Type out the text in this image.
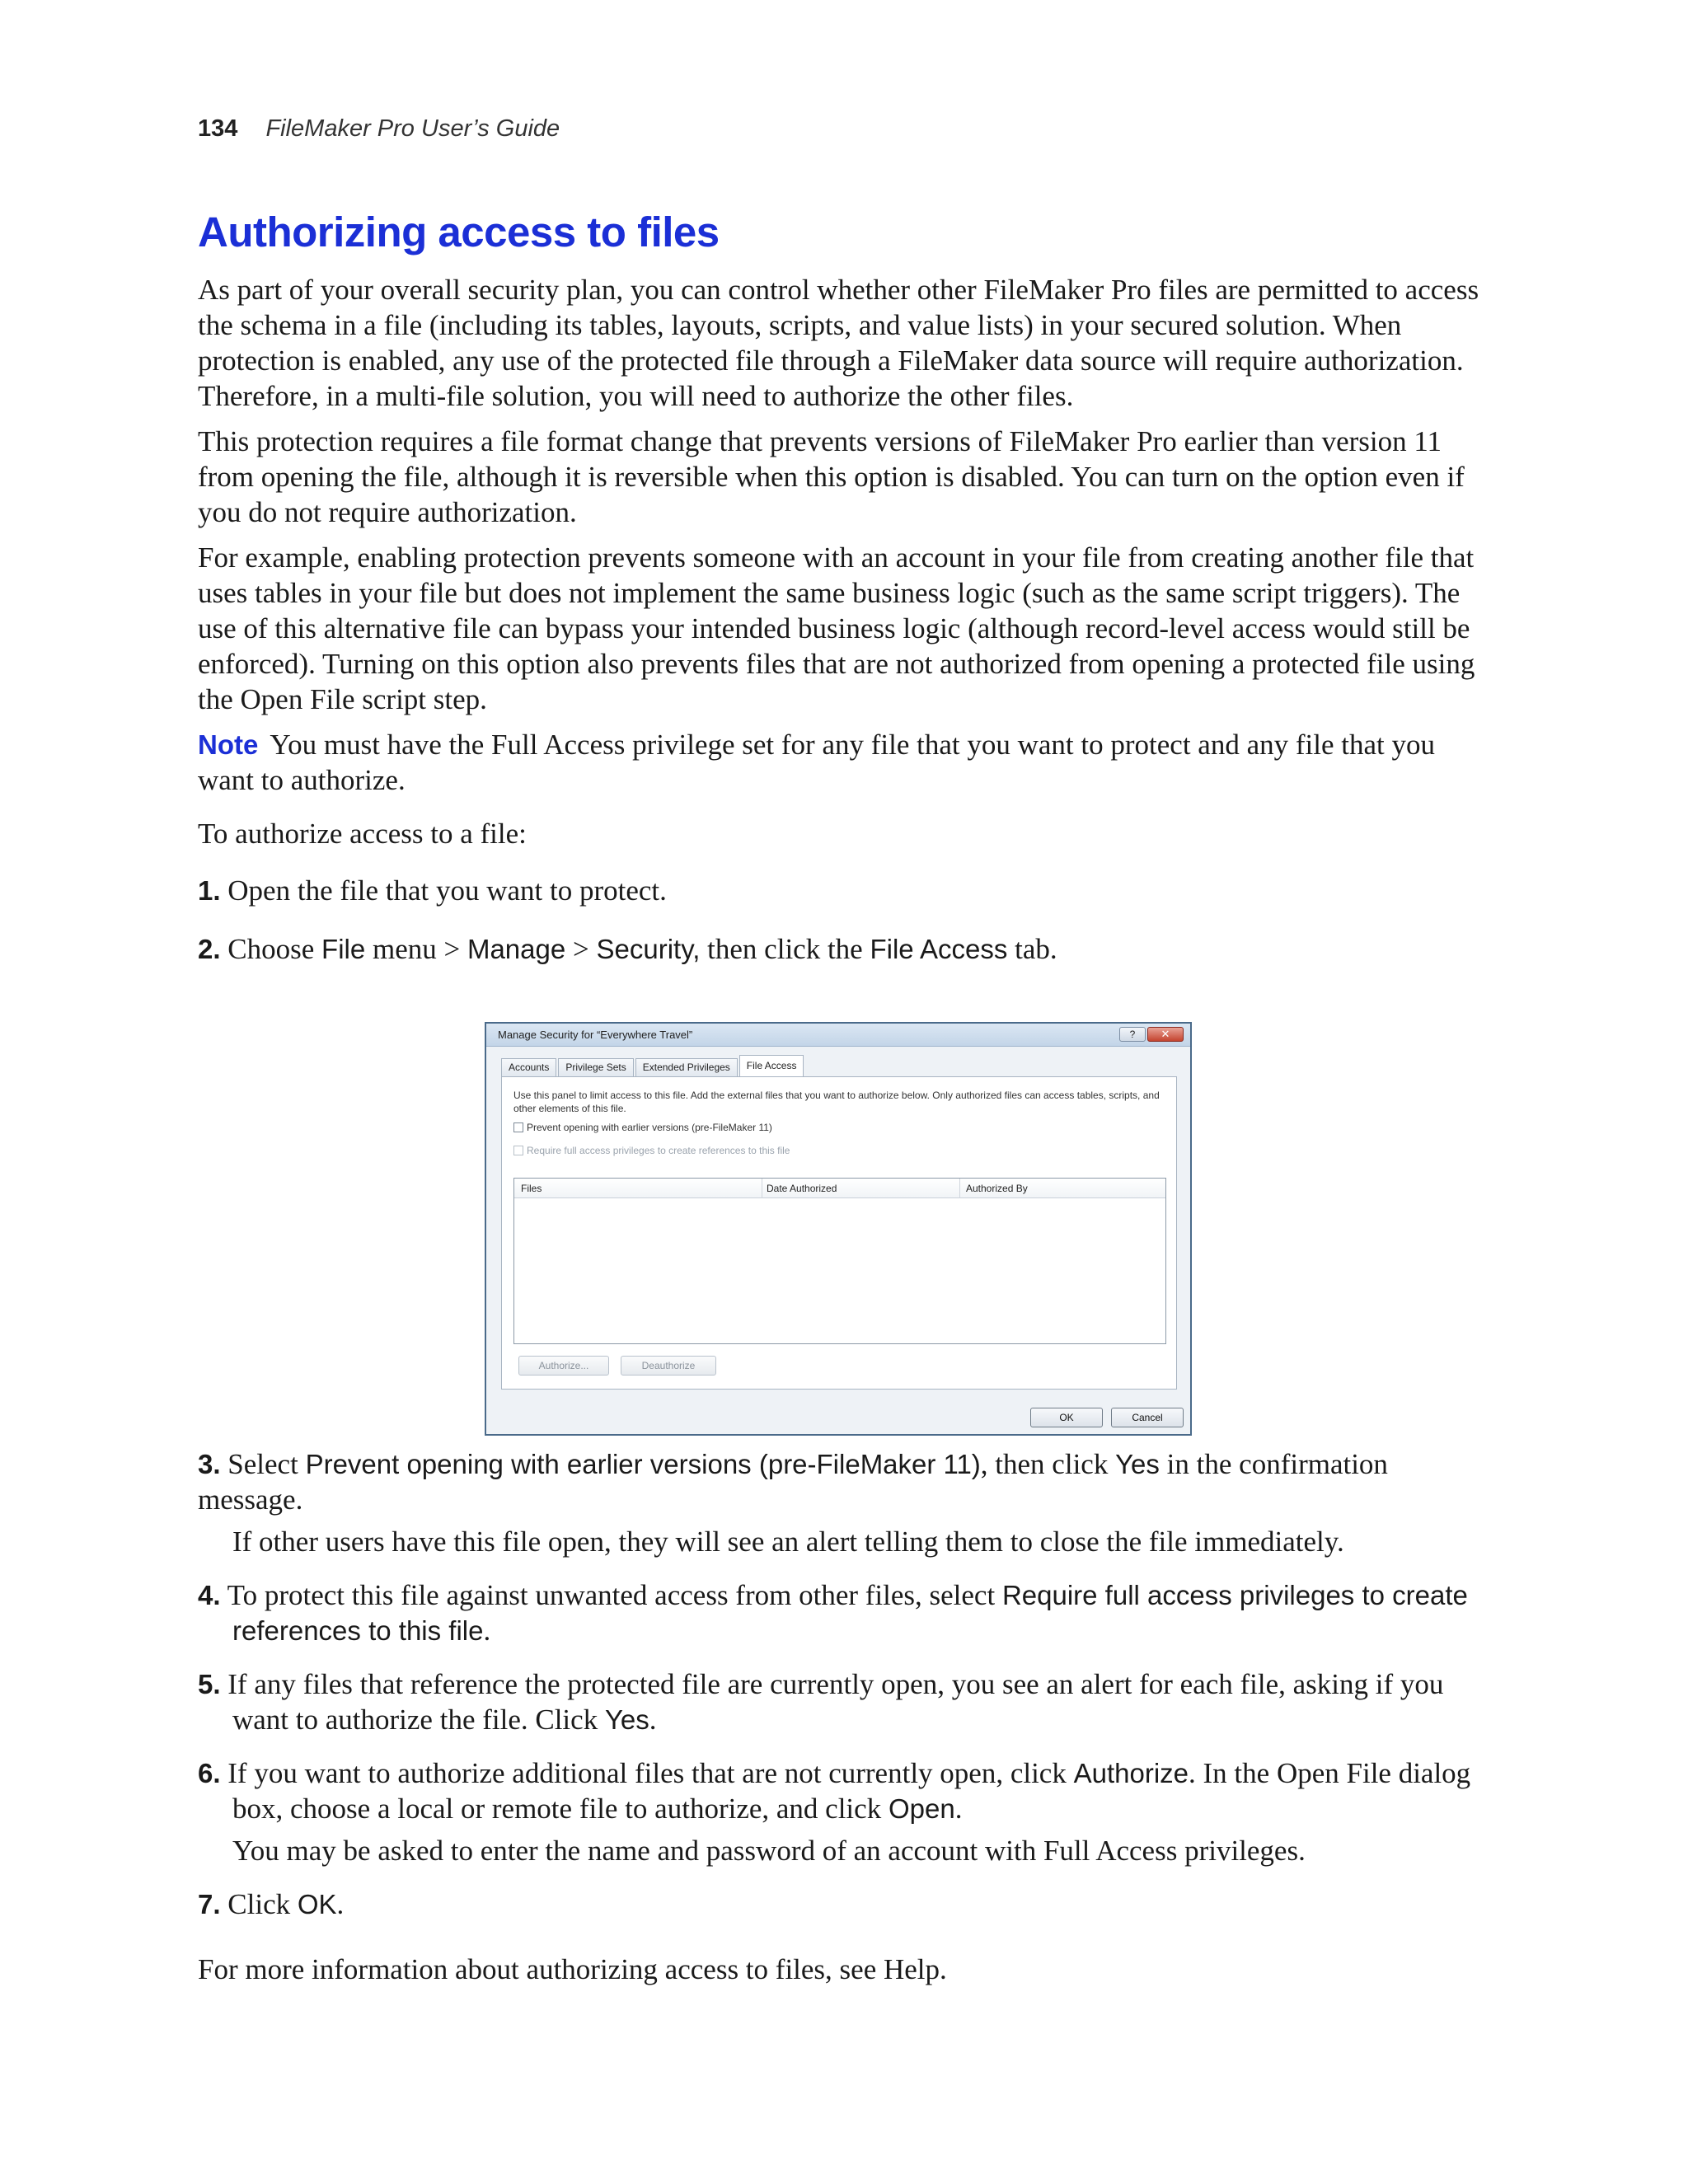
134 FileMaker Pro User’s Guide
Authorizing access to files

As part of your overall security plan, you can control whether other FileMaker Pro files are permitted to access the schema in a file (including its tables, layouts, scripts, and value lists) in your secured solution. When protection is enabled, any use of the protected file through a FileMaker data source will require authorization. Therefore, in a multi-file solution, you will need to authorize the other files.

This protection requires a file format change that prevents versions of FileMaker Pro earlier than version 11 from opening the file, although it is reversible when this option is disabled. You can turn on the option even if you do not require authorization.

For example, enabling protection prevents someone with an account in your file from creating another file that uses tables in your file but does not implement the same business logic (such as the same script triggers). The use of this alternative file can bypass your intended business logic (although record-level access would still be enforced). Turning on this option also prevents files that are not authorized from opening a protected file using the Open File script step.

Note You must have the Full Access privilege set for any file that you want to protect and any file that you want to authorize.

To authorize access to a file:

1. Open the file that you want to protect.
2. Choose File menu > Manage > Security, then click the File Access tab.
3. Select Prevent opening with earlier versions (pre-FileMaker 11), then click Yes in the confirmation message.

If other users have this file open, they will see an alert telling them to close the file immediately.

4. To protect this file against unwanted access from other files, select Require full access privileges to create references to this file.
5. If any files that reference the protected file are currently open, you see an alert for each file, asking if you want to authorize the file. Click Yes.
6. If you want to authorize additional files that are not currently open, click Authorize. In the Open File dialog box, choose a local or remote file to authorize, and click Open.

You may be asked to enter the name and password of an account with Full Access privileges.

7. Click OK.

For more information about authorizing access to files, see Help.

Manage Security for “Everywhere Travel”	?	✕
Accounts	Privilege Sets	Extended Privileges	File Access
Use this panel to limit access to this file. Add the external files that you want to authorize below. Only authorized files can access tables, scripts, and other elements of this file.
Prevent opening with earlier versions (pre-FileMaker 11)
Require full access privileges to create references to this file
Files	Date Authorized	Authorized By
Authorize...	Deauthorize
OK	Cancel
